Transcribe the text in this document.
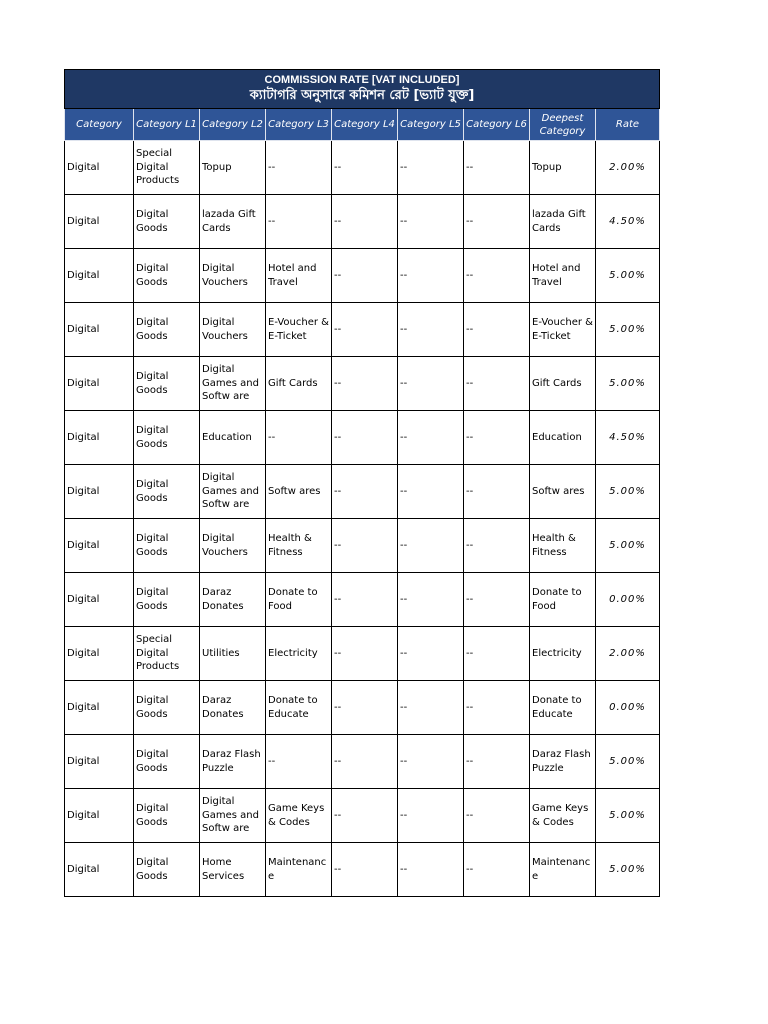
COMMISSION RATE [VAT INCLUDED]
ক্যাটাগরি অনুসারে কমিশন রেট [ভ্যাট যুক্ত]								

Category	Category L1	Category L2	Category L3	Category L4	Category L5	Category L6	Deepest Category	Rate
Digital	Special Digital Products	Topup	--	--	--	--	Topup	2.00%
Digital	Digital Goods	lazada Gift Cards	--	--	--	--	lazada Gift Cards	4.50%
Digital	Digital Goods	Digital Vouchers	Hotel and Travel	--	--	--	Hotel and Travel	5.00%
Digital	Digital Goods	Digital Vouchers	E-Voucher & E-Ticket	--	--	--	E-Voucher & E-Ticket	5.00%
Digital	Digital Goods	Digital Games and Softw are	Gift Cards	--	--	--	Gift Cards	5.00%
Digital	Digital Goods	Education	--	--	--	--	Education	4.50%
Digital	Digital Goods	Digital Games and Softw are	Softw ares	--	--	--	Softw ares	5.00%
Digital	Digital Goods	Digital Vouchers	Health & Fitness	--	--	--	Health & Fitness	5.00%
Digital	Digital Goods	Daraz Donates	Donate to Food	--	--	--	Donate to Food	0.00%
Digital	Special Digital Products	Utilities	Electricity	--	--	--	Electricity	2.00%
Digital	Digital Goods	Daraz Donates	Donate to Educate	--	--	--	Donate to Educate	0.00%
Digital	Digital Goods	Daraz Flash Puzzle	--	--	--	--	Daraz Flash Puzzle	5.00%
Digital	Digital Goods	Digital Games and Softw are	Game Keys & Codes	--	--	--	Game Keys & Codes	5.00%
Digital	Digital Goods	Home Services	Maintenanc e	--	--	--	Maintenanc e	5.00%
